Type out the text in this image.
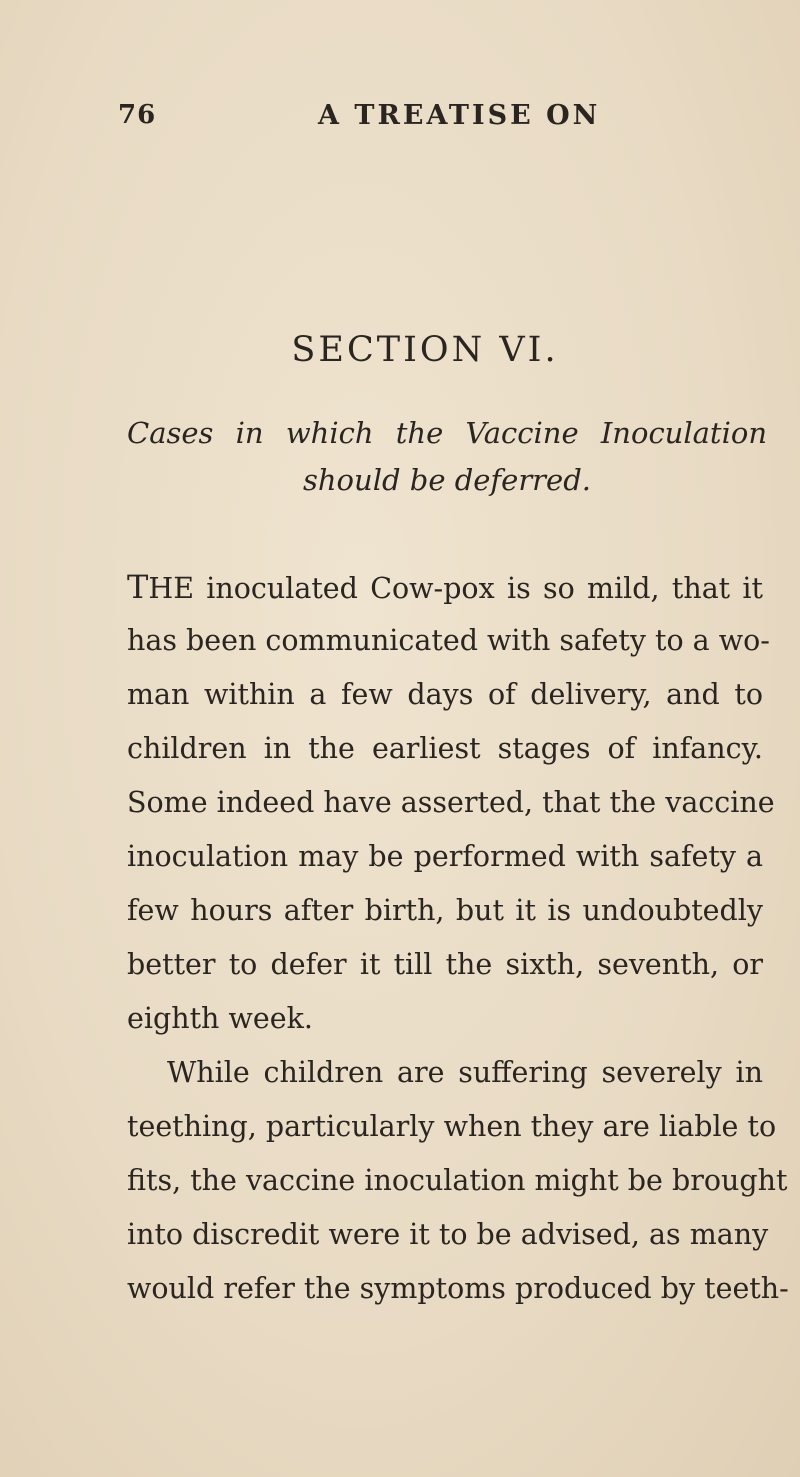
76	A TREATISE ON
SECTION VI.
Cases in which the Vaccine Inoculation should be deferred.
THE inoculated Cow-pox is so mild, that it
has been communicated with safety to a wo-
man within a few days of delivery, and to
children in the earliest stages of infancy.
Some indeed have asserted, that the vaccine
inoculation may be performed with safety a
few hours after birth, but it is undoubtedly
better to defer it till the sixth, seventh, or
eighth week.
While children are suffering severely in
teething, particularly when they are liable to
fits, the vaccine inoculation might be brought
into discredit were it to be advised, as many
would refer the symptoms produced by teeth-
